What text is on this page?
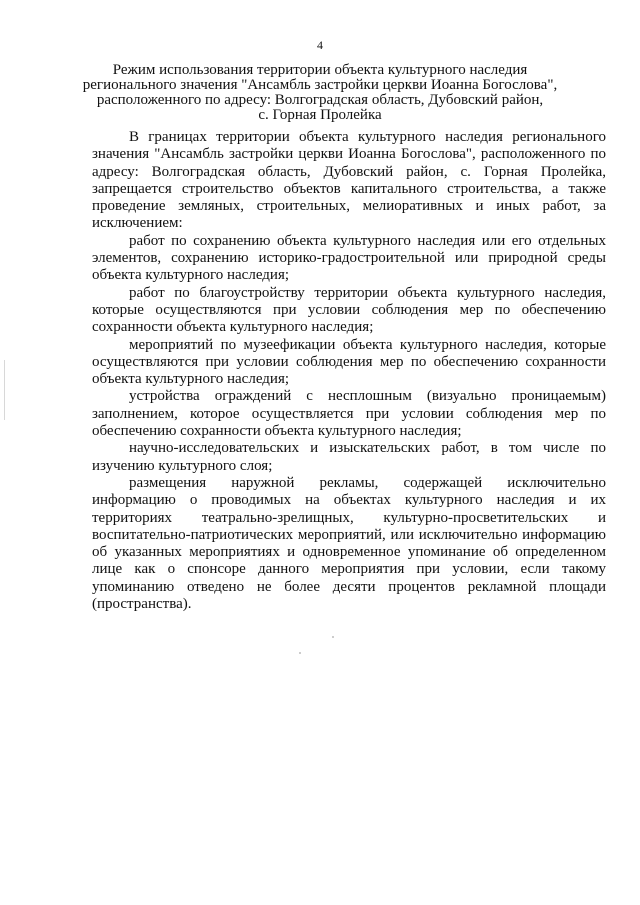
4
Режим использования территории объекта культурного наследия
регионального значения "Ансамбль застройки церкви Иоанна Богослова",
расположенного по адресу: Волгоградская область, Дубовский район,
с. Горная Пролейка

В границах территории объекта культурного наследия регионального значения "Ансамбль застройки церкви Иоанна Богослова", расположенного по адресу: Волгоградская область, Дубовский район, с. Горная Пролейка, запрещается строительство объектов капитального строительства, а также проведение земляных, строительных, мелиоративных и иных работ, за исключением:

работ по сохранению объекта культурного наследия или его отдельных элементов, сохранению историко-градостроительной или природной среды объекта культурного наследия;

работ по благоустройству территории объекта культурного наследия, которые осуществляются при условии соблюдения мер по обеспечению сохранности объекта культурного наследия;

мероприятий по музеефикации объекта культурного наследия, которые осуществляются при условии соблюдения мер по обеспечению сохранности объекта культурного наследия;

устройства ограждений с несплошным (визуально проницаемым) заполнением, которое осуществляется при условии соблюдения мер по обеспечению сохранности объекта культурного наследия;

научно-исследовательских и изыскательских работ, в том числе по изучению культурного слоя;

размещения наружной рекламы, содержащей исключительно информацию о проводимых на объектах культурного наследия и их территориях театрально-зрелищных, культурно-просветительских и воспитательно-патриотических мероприятий, или исключительно информацию об указанных мероприятиях и одновременное упоминание об определенном лице как о спонсоре данного мероприятия при условии, если такому упоминанию отведено не более десяти процентов рекламной площади (пространства).
